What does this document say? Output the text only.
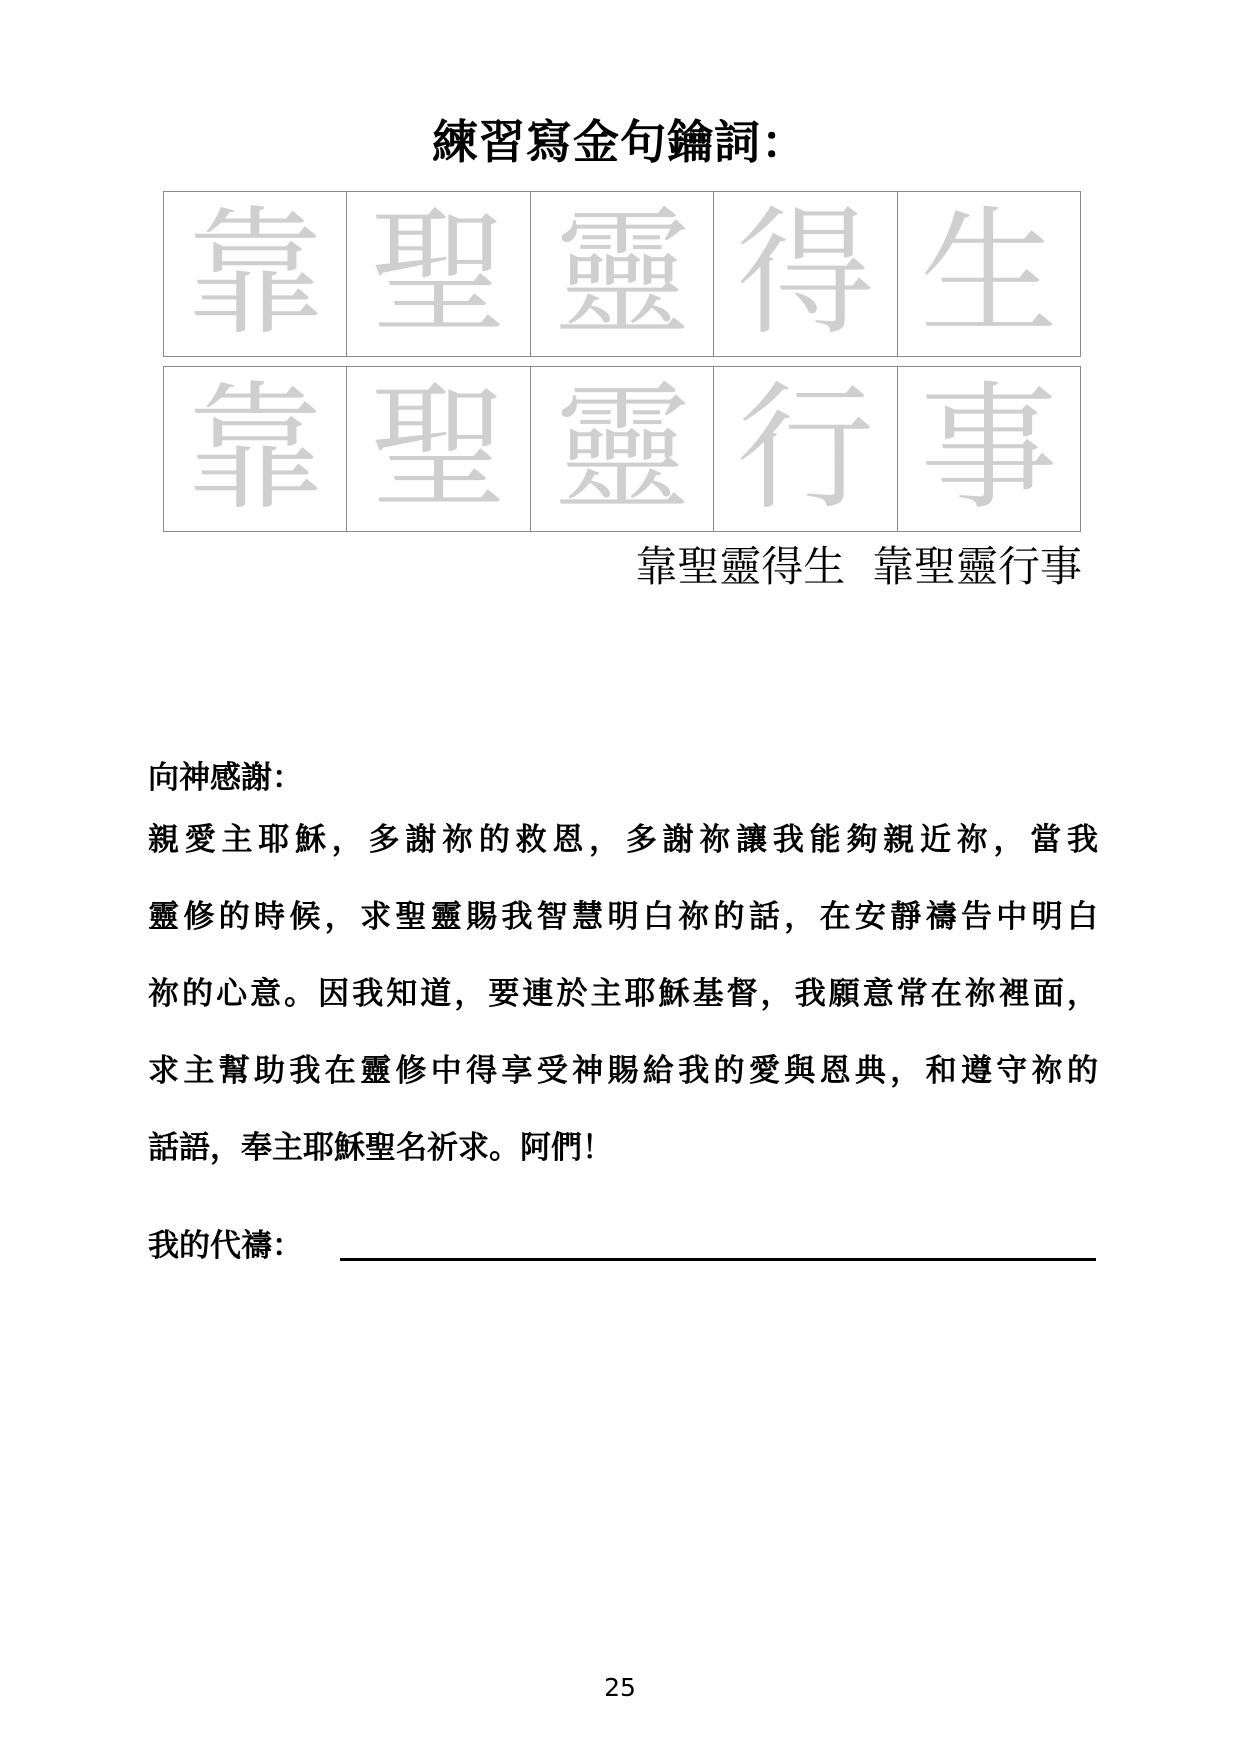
練習寫金句鑰詞：
靠 聖 靈 得 生
靠 聖 靈 行 事
靠聖靈得生  靠聖靈行事
向神感謝：
親愛主耶穌，多謝祢的救恩，多謝祢讓我能夠親近祢，當我
靈修的時候，求聖靈賜我智慧明白祢的話，在安靜禱告中明白
祢的心意。因我知道，要連於主耶穌基督，我願意常在祢裡面，
求主幫助我在靈修中得享受神賜給我的愛與恩典，和遵守祢的
話語，奉主耶穌聖名祈求。阿們！
我的代禱：
25
